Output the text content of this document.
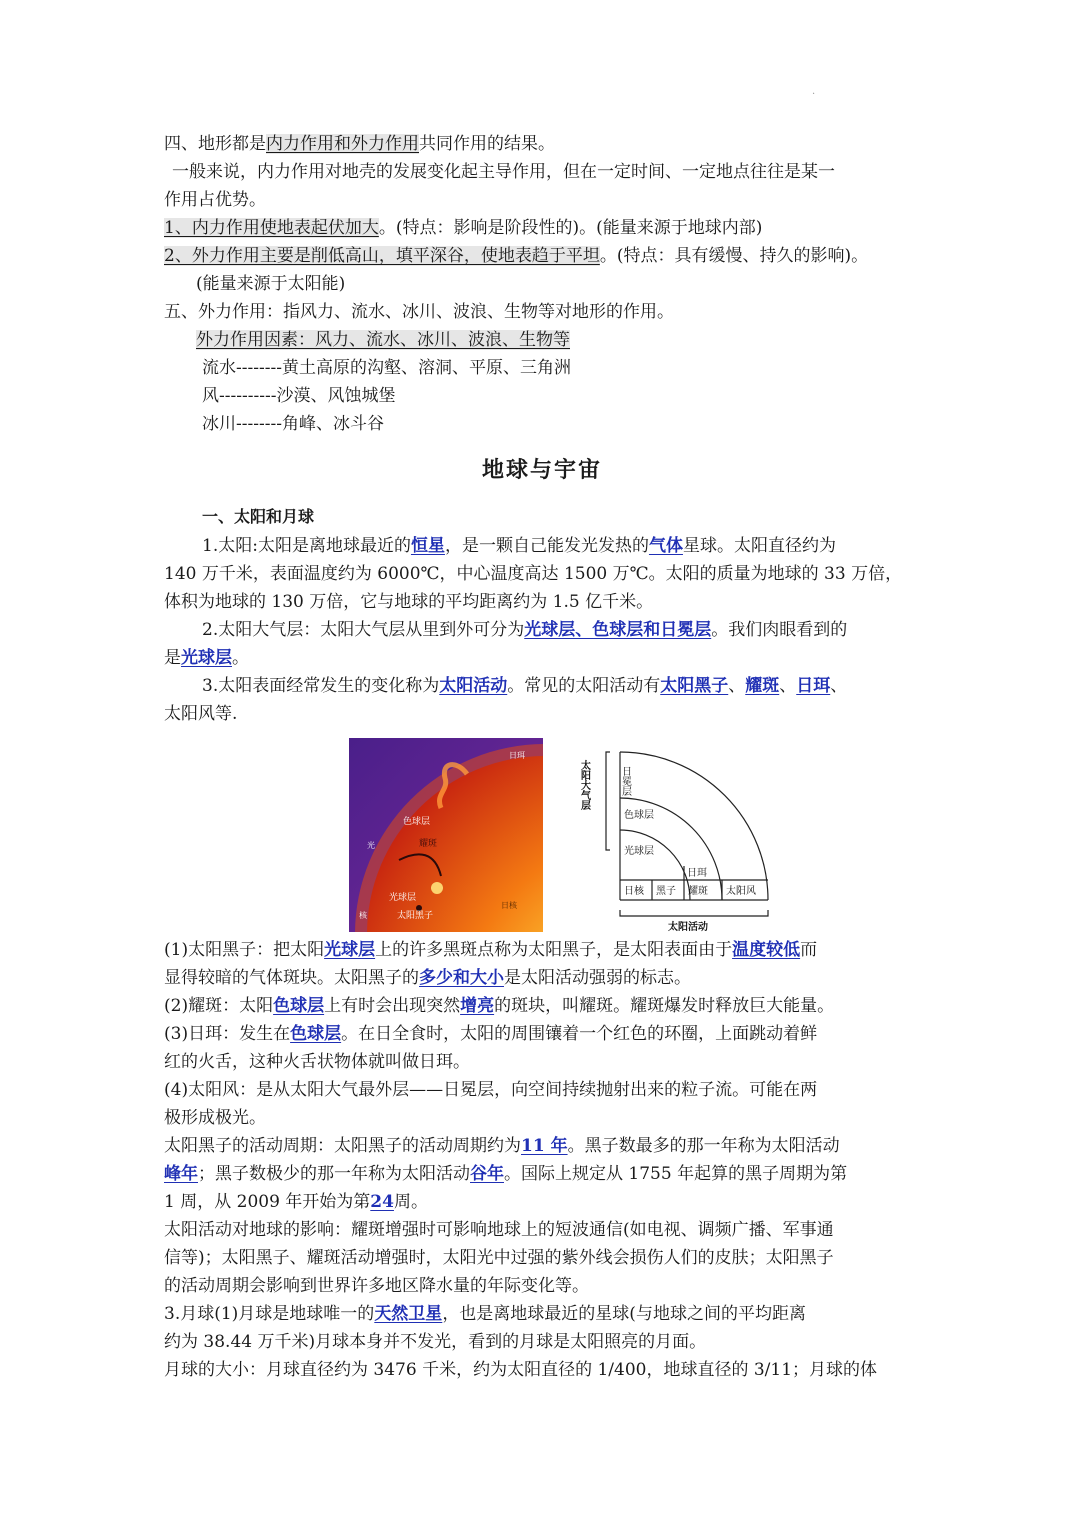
.
四、地形都是内力作用和外力作用共同作用的结果。
一般来说，内力作用对地壳的发展变化起主导作用，但在一定时间、一定地点往往是某一
作用占优势。
1、内力作用使地表起伏加大。(特点：影响是阶段性的)。(能量来源于地球内部)
2、外力作用主要是削低高山，填平深谷，使地表趋于平坦。(特点：具有缓慢、持久的影响)。
(能量来源于太阳能)
五、外力作用：指风力、流水、冰川、波浪、生物等对地形的作用。
外力作用因素：风力、流水、冰川、波浪、生物等
流水--------黄土高原的沟壑、溶洞、平原、三角洲
风----------沙漠、风蚀城堡
冰川--------角峰、冰斗谷
地球与宇宙
一、太阳和月球
1.太阳:太阳是离地球最近的恒星，是一颗自己能发光发热的气体星球。太阳直径约为
140 万千米，表面温度约为 6000℃，中心温度高达 1500 万℃。太阳的质量为地球的 33 万倍，
体积为地球的 130 万倍，它与地球的平均距离约为 1.5 亿千米。
2.太阳大气层：太阳大气层从里到外可分为光球层、色球层和日冕层。我们肉眼看到的
是光球层。
3.太阳表面经常发生的变化称为太阳活动。常见的太阳活动有太阳黑子、耀斑、日珥、
太阳风等.
日珥
色球层
耀斑
光球层
太阳黑子
日核
光
核
太阳大气层	日冕层
色球层
光球层
日珥
日核 黑子 耀斑 太阳风
太阳活动
(1)太阳黑子：把太阳光球层上的许多黑斑点称为太阳黑子，是太阳表面由于温度较低而
显得较暗的气体斑块。太阳黑子的多少和大小是太阳活动强弱的标志。
(2)耀斑：太阳色球层上有时会出现突然增亮的斑块，叫耀斑。耀斑爆发时释放巨大能量。
(3)日珥：发生在色球层。在日全食时，太阳的周围镶着一个红色的环圈，上面跳动着鲜
红的火舌，这种火舌状物体就叫做日珥。
(4)太阳风：是从太阳大气最外层——日冕层，向空间持续抛射出来的粒子流。可能在两
极形成极光。
太阳黑子的活动周期：太阳黑子的活动周期约为11 年。黑子数最多的那一年称为太阳活动
峰年；黑子数极少的那一年称为太阳活动谷年。国际上规定从 1755 年起算的黑子周期为第
1 周，从 2009 年开始为第24周。
太阳活动对地球的影响：耀斑增强时可影响地球上的短波通信(如电视、调频广播、军事通
信等)；太阳黑子、耀斑活动增强时，太阳光中过强的紫外线会损伤人们的皮肤；太阳黑子
的活动周期会影响到世界许多地区降水量的年际变化等。
3.月球(1)月球是地球唯一的天然卫星，也是离地球最近的星球(与地球之间的平均距离
约为 38.44 万千米)月球本身并不发光，看到的月球是太阳照亮的月面。
月球的大小：月球直径约为 3476 千米，约为太阳直径的 1/400，地球直径的 3/11；月球的体
